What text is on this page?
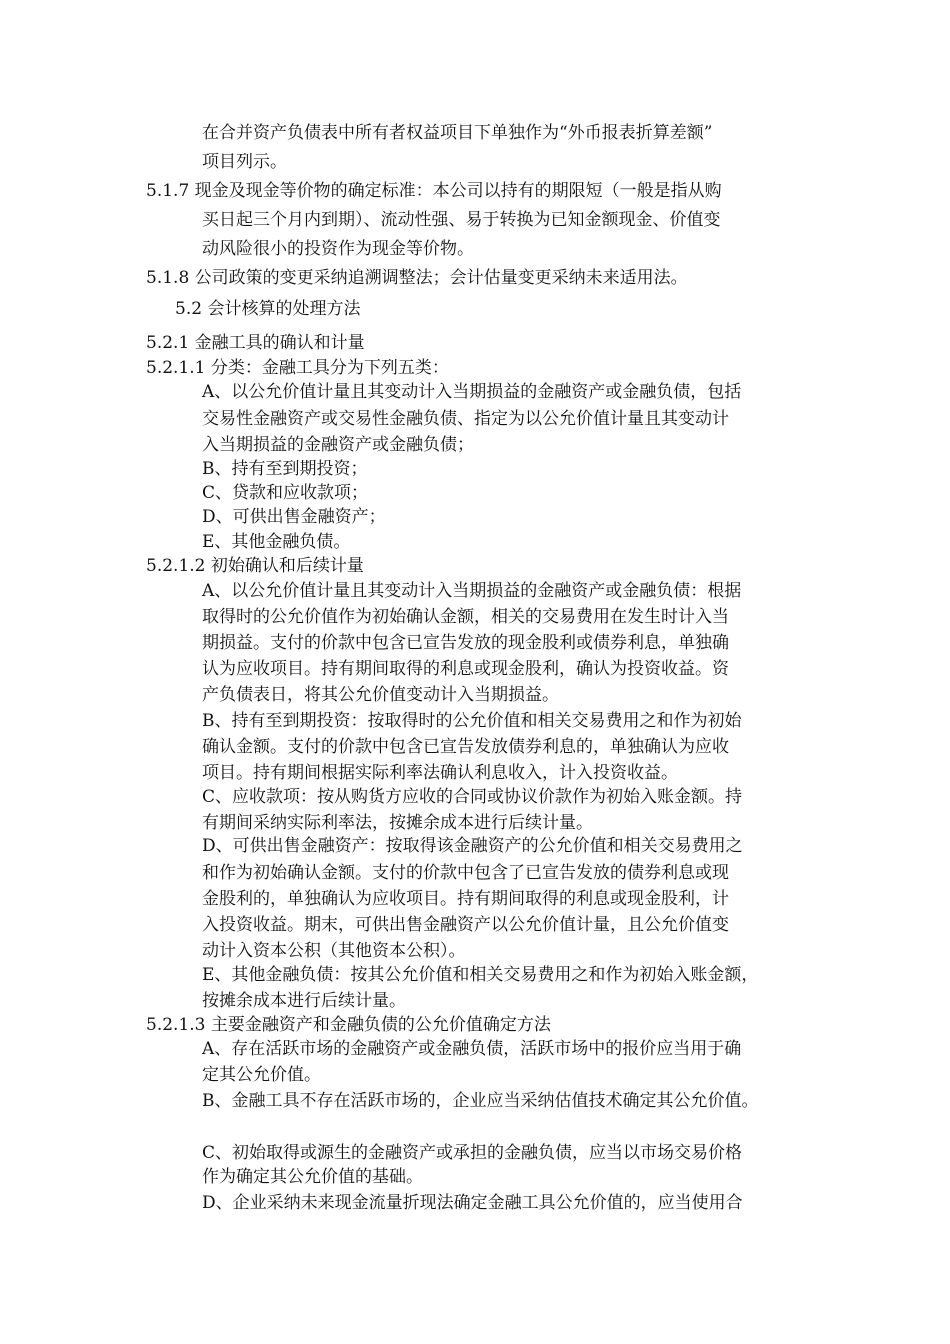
在合并资产负债表中所有者权益项目下单独作为“外币报表折算差额”
项目列示。
5.1.7 现金及现金等价物的确定标准：本公司以持有的期限短（一般是指从购
买日起三个月内到期）、流动性强、易于转换为已知金额现金、价值变
动风险很小的投资作为现金等价物。
5.1.8 公司政策的变更采纳追溯调整法；会计估量变更采纳未来适用法。
5.2 会计核算的处理方法
5.2.1 金融工具的确认和计量
5.2.1.1 分类：金融工具分为下列五类：
A、以公允价值计量且其变动计入当期损益的金融资产或金融负债，包括
交易性金融资产或交易性金融负债、指定为以公允价值计量且其变动计
入当期损益的金融资产或金融负债；
B、持有至到期投资；
C、贷款和应收款项；
D、可供出售金融资产；
E、其他金融负债。
5.2.1.2 初始确认和后续计量
A、以公允价值计量且其变动计入当期损益的金融资产或金融负债：根据
取得时的公允价值作为初始确认金额，相关的交易费用在发生时计入当
期损益。支付的价款中包含已宣告发放的现金股利或债券利息，单独确
认为应收项目。持有期间取得的利息或现金股利，确认为投资收益。资
产负债表日，将其公允价值变动计入当期损益。
B、持有至到期投资：按取得时的公允价值和相关交易费用之和作为初始
确认金额。支付的价款中包含已宣告发放债券利息的，单独确认为应收
项目。持有期间根据实际利率法确认利息收入，计入投资收益。
C、应收款项：按从购货方应收的合同或协议价款作为初始入账金额。持
有期间采纳实际利率法，按摊余成本进行后续计量。
D、可供出售金融资产：按取得该金融资产的公允价值和相关交易费用之
和作为初始确认金额。支付的价款中包含了已宣告发放的债券利息或现
金股利的，单独确认为应收项目。持有期间取得的利息或现金股利，计
入投资收益。期末，可供出售金融资产以公允价值计量，且公允价值变
动计入资本公积（其他资本公积）。
E、其他金融负债：按其公允价值和相关交易费用之和作为初始入账金额，
按摊余成本进行后续计量。
5.2.1.3 主要金融资产和金融负债的公允价值确定方法
A、存在活跃市场的金融资产或金融负债，活跃市场中的报价应当用于确
定其公允价值。
B、金融工具不存在活跃市场的，企业应当采纳估值技术确定其公允价值。
C、初始取得或源生的金融资产或承担的金融负债，应当以市场交易价格
作为确定其公允价值的基础。
D、企业采纳未来现金流量折现法确定金融工具公允价值的，应当使用合
